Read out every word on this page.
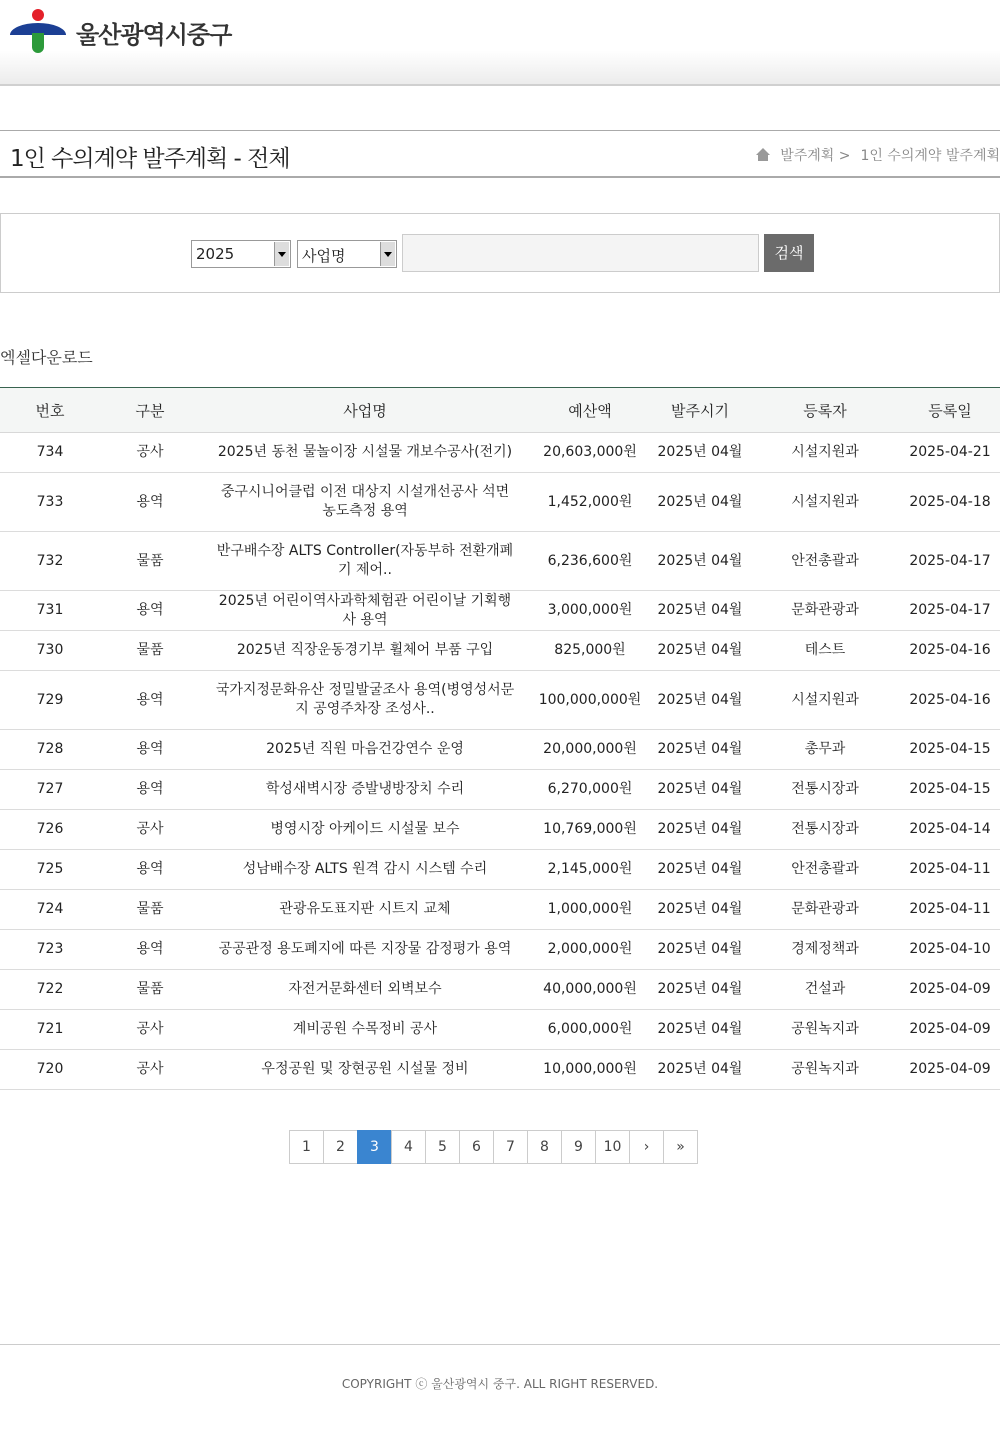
울산광역시중구
1인 수의계약 발주계획 - 전체	발주계획 > 1인 수의계약 발주계획
2025	사업명	검색
엑셀다운로드
번호	구분	사업명	예산액	발주시기	등록자	등록일
734	공사	2025년 동천 물놀이장 시설물 개보수공사(전기)	20,603,000원	2025년 04월	시설지원과	2025-04-21
733	용역	중구시니어클럽 이전 대상지 시설개선공사 석면 농도측정 용역	1,452,000원	2025년 04월	시설지원과	2025-04-18
732	물품	반구배수장 ALTS Controller(자동부하 전환개폐기 제어..	6,236,600원	2025년 04월	안전총괄과	2025-04-17
731	용역	2025년 어린이역사과학체험관 어린이날 기획행사 용역	3,000,000원	2025년 04월	문화관광과	2025-04-17
730	물품	2025년 직장운동경기부 휠체어 부품 구입	825,000원	2025년 04월	테스트	2025-04-16
729	용역	국가지정문화유산 정밀발굴조사 용역(병영성서문지 공영주차장 조성사..	100,000,000원	2025년 04월	시설지원과	2025-04-16
728	용역	2025년 직원 마음건강연수 운영	20,000,000원	2025년 04월	총무과	2025-04-15
727	용역	학성새벽시장 증발냉방장치 수리	6,270,000원	2025년 04월	전통시장과	2025-04-15
726	공사	병영시장 아케이드 시설물 보수	10,769,000원	2025년 04월	전통시장과	2025-04-14
725	용역	성남배수장 ALTS 원격 감시 시스템 수리	2,145,000원	2025년 04월	안전총괄과	2025-04-11
724	물품	관광유도표지판 시트지 교체	1,000,000원	2025년 04월	문화관광과	2025-04-11
723	용역	공공관정 용도폐지에 따른 지장물 감정평가 용역	2,000,000원	2025년 04월	경제정책과	2025-04-10
722	물품	자전거문화센터 외벽보수	40,000,000원	2025년 04월	건설과	2025-04-09
721	공사	계비공원 수목정비 공사	6,000,000원	2025년 04월	공원녹지과	2025-04-09
720	공사	우정공원 및 장현공원 시설물 정비	10,000,000원	2025년 04월	공원녹지과	2025-04-09
1	2	3	4	5	6	7	8	9	10	›	»

COPYRIGHT ⓒ 울산광역시 중구. ALL RIGHT RESERVED.
